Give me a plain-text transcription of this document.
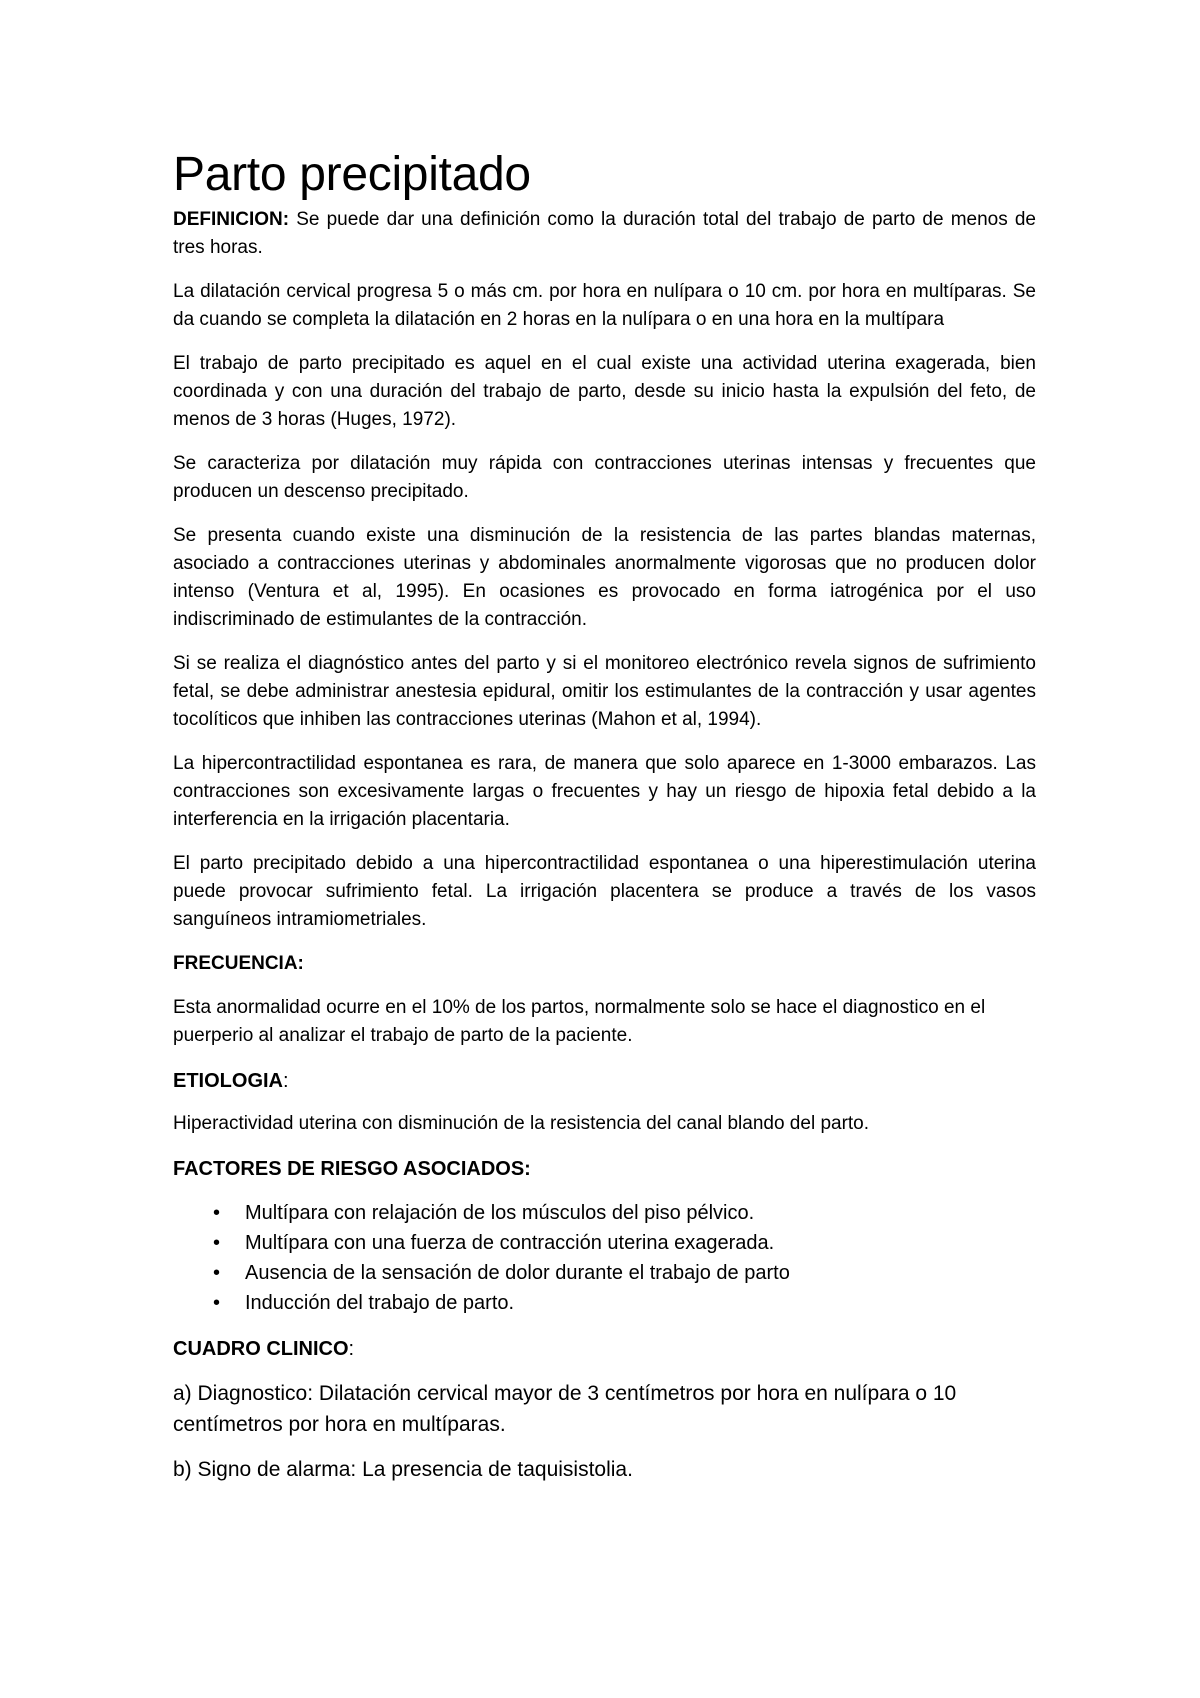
Parto precipitado

DEFINICION: Se puede dar una definición como la duración total del trabajo de parto de menos de tres horas.

La dilatación cervical progresa 5 o más cm. por hora en nulípara o 10 cm. por hora en multíparas. Se da cuando se completa la dilatación en 2 horas en la nulípara o en una hora en la multípara

El trabajo de parto precipitado es aquel en el cual existe una actividad uterina exagerada, bien coordinada y con una duración del trabajo de parto, desde su inicio hasta la expulsión del feto, de menos de 3 horas (Huges, 1972).

Se caracteriza por dilatación muy rápida con contracciones uterinas intensas y frecuentes que producen un descenso precipitado.

Se presenta cuando existe una disminución de la resistencia de las partes blandas maternas, asociado a contracciones uterinas y abdominales anormalmente vigorosas que no producen dolor intenso (Ventura et al, 1995). En ocasiones es provocado en forma iatrogénica por el uso indiscriminado de estimulantes de la contracción.

Si se realiza el diagnóstico antes del parto y si el monitoreo electrónico revela signos de sufrimiento fetal, se debe administrar anestesia epidural, omitir los estimulantes de la contracción y usar agentes tocolíticos que inhiben las contracciones uterinas (Mahon et al, 1994).

La hipercontractilidad espontanea es rara, de manera que solo aparece en 1-3000 embarazos. Las contracciones son excesivamente largas o frecuentes y hay un riesgo de hipoxia fetal debido a la interferencia en la irrigación placentaria.

El parto precipitado debido a una hipercontractilidad espontanea o una hiperestimulación uterina puede provocar sufrimiento fetal. La irrigación placentera se produce a través de los vasos sanguíneos intramiometriales.

FRECUENCIA:

Esta anormalidad ocurre en el 10% de los partos, normalmente solo se hace el diagnostico en el puerperio al analizar el trabajo de parto de la paciente.

ETIOLOGIA:

Hiperactividad uterina con disminución de la resistencia del canal blando del parto.

FACTORES DE RIESGO ASOCIADOS:

• Multípara con relajación de los músculos del piso pélvico.
• Multípara con una fuerza de contracción uterina exagerada.
• Ausencia de la sensación de dolor durante el trabajo de parto
• Inducción del trabajo de parto.

CUADRO CLINICO:

a) Diagnostico: Dilatación cervical mayor de 3 centímetros por hora en nulípara o 10 centímetros por hora en multíparas.

b) Signo de alarma: La presencia de taquisistolia.
